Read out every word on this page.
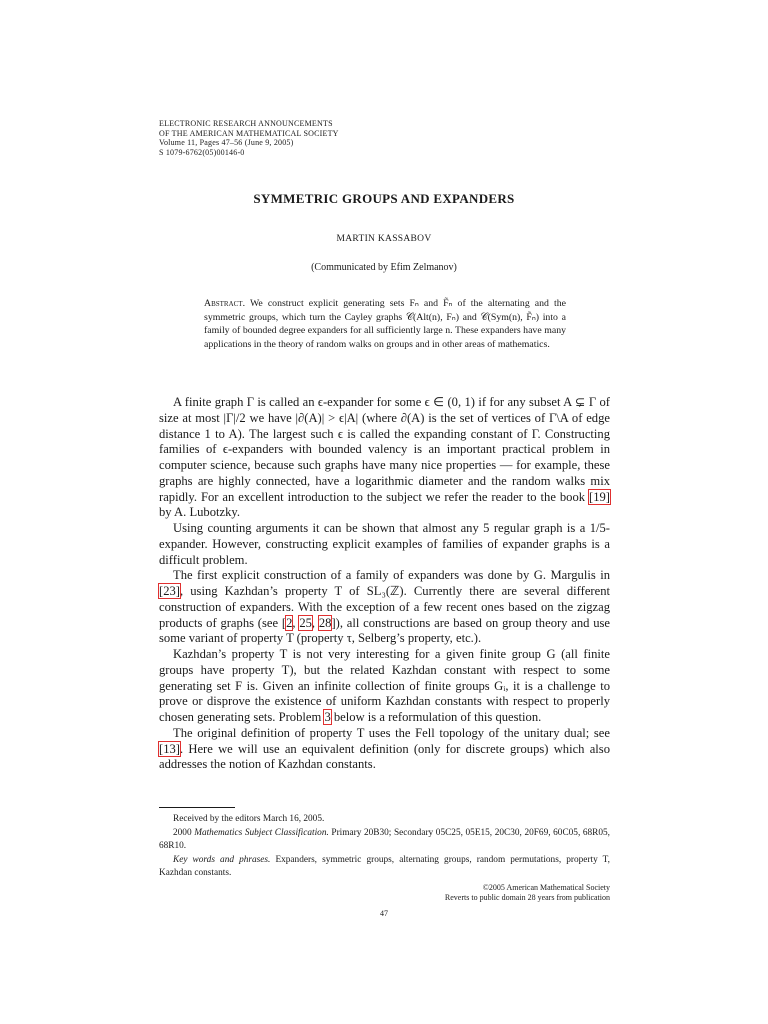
ELECTRONIC RESEARCH ANNOUNCEMENTS
OF THE AMERICAN MATHEMATICAL SOCIETY
Volume 11, Pages 47–56 (June 9, 2005)
S 1079-6762(05)00146-0
SYMMETRIC GROUPS AND EXPANDERS
MARTIN KASSABOV
(Communicated by Efim Zelmanov)
Abstract. We construct explicit generating sets Fₙ and F̃ₙ of the alternating and the symmetric groups, which turn the Cayley graphs 𝒞(Alt(n), Fₙ) and 𝒞(Sym(n), F̃ₙ) into a family of bounded degree expanders for all sufficiently large n. These expanders have many applications in the theory of random walks on groups and in other areas of mathematics.

A finite graph Γ is called an ϵ-expander for some ϵ ∈ (0, 1) if for any subset A ⊊ Γ of size at most |Γ|/2 we have |∂(A)| > ϵ|A| (where ∂(A) is the set of vertices of Γ\A of edge distance 1 to A). The largest such ϵ is called the expanding constant of Γ. Constructing families of ϵ-expanders with bounded valency is an important practical problem in computer science, because such graphs have many nice properties — for example, these graphs are highly connected, have a logarithmic diameter and the random walks mix rapidly. For an excellent introduction to the subject we refer the reader to the book [19] by A. Lubotzky.

Using counting arguments it can be shown that almost any 5 regular graph is a 1/5-expander. However, constructing explicit examples of families of expander graphs is a difficult problem.

The first explicit construction of a family of expanders was done by G. Margulis in [23], using Kazhdan’s property T of SL₃(ℤ). Currently there are several different construction of expanders. With the exception of a few recent ones based on the zigzag products of graphs (see [2, 25, 28]), all constructions are based on group theory and use some variant of property T (property τ, Selberg’s property, etc.).

Kazhdan’s property T is not very interesting for a given finite group G (all finite groups have property T), but the related Kazhdan constant with respect to some generating set F is. Given an infinite collection of finite groups Gᵢ, it is a challenge to prove or disprove the existence of uniform Kazhdan constants with respect to properly chosen generating sets. Problem 3 below is a reformulation of this question.

The original definition of property T uses the Fell topology of the unitary dual; see [13]. Here we will use an equivalent definition (only for discrete groups) which also addresses the notion of Kazhdan constants.

Received by the editors March 16, 2005.

2000 Mathematics Subject Classification. Primary 20B30; Secondary 05C25, 05E15, 20C30, 20F69, 60C05, 68R05, 68R10.

Key words and phrases. Expanders, symmetric groups, alternating groups, random permutations, property T, Kazhdan constants.

©2005 American Mathematical Society
Reverts to public domain 28 years from publication
47
